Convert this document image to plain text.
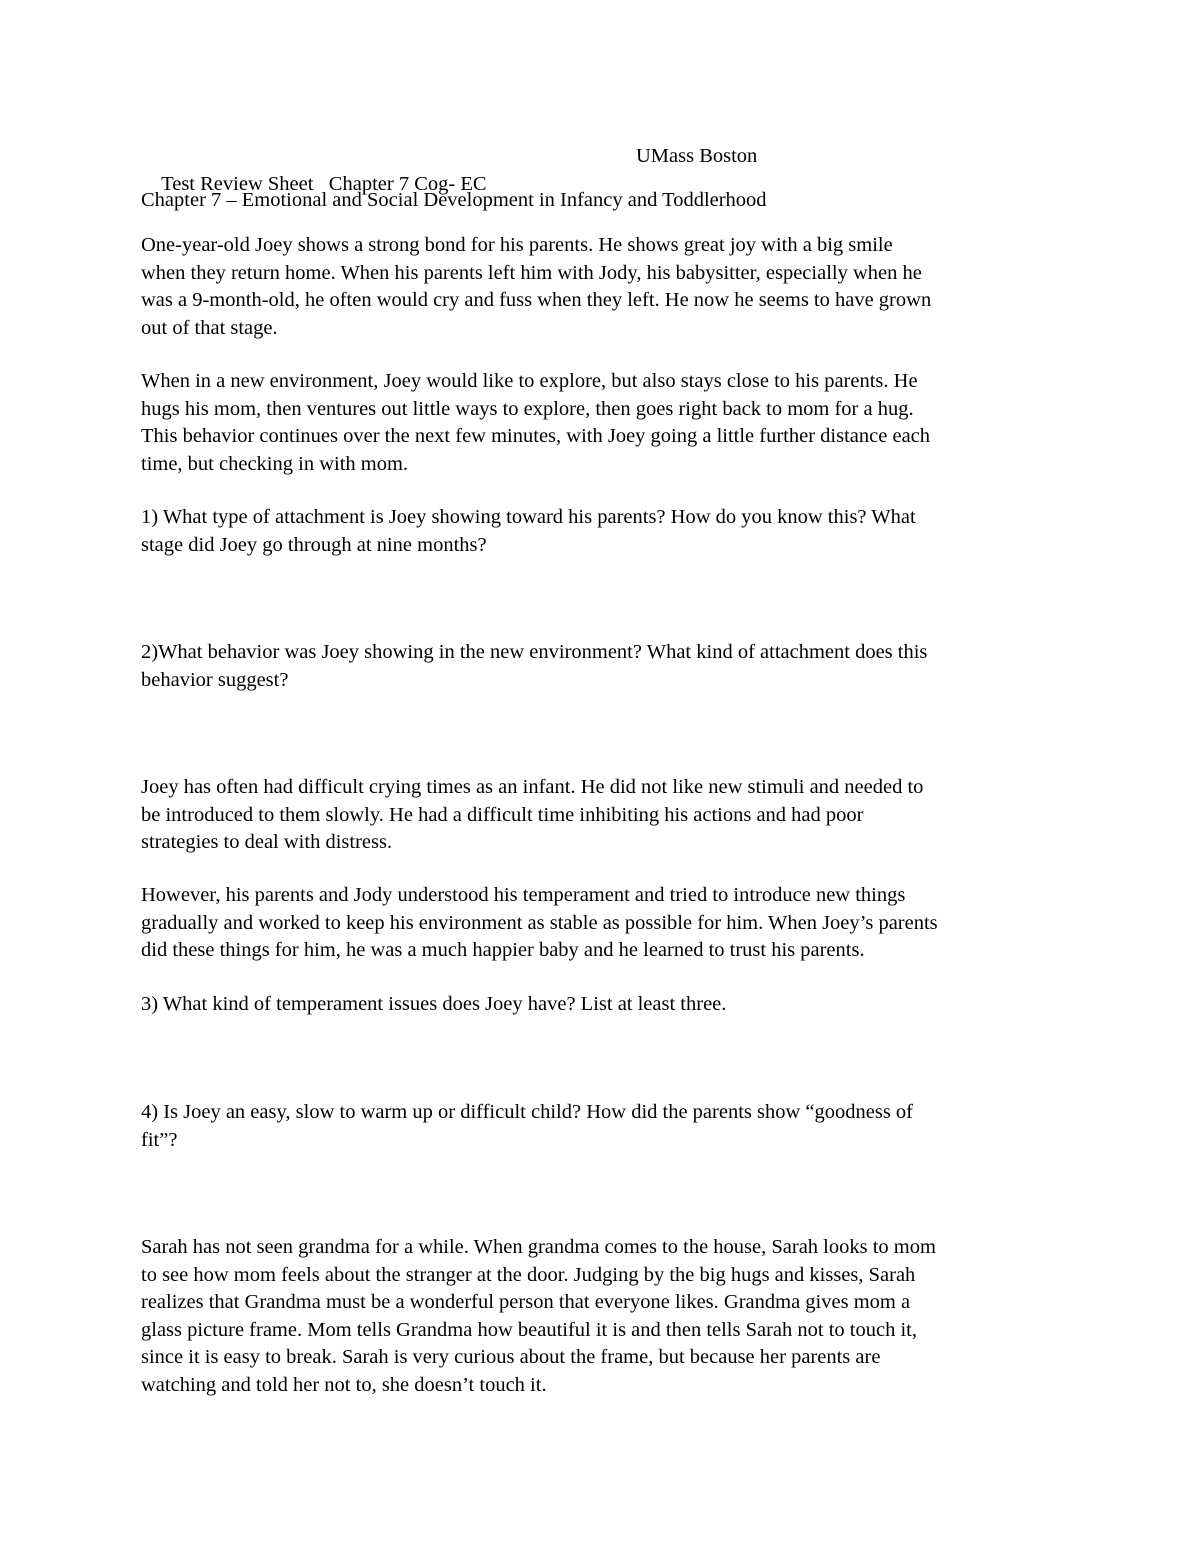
Test Review Sheet   Chapter 7 Cog- EC

UMass Boston

Chapter 7 – Emotional and Social Development in Infancy and Toddlerhood
One-year-old Joey shows a strong bond for his parents. He shows great joy with a big smile
when they return home. When his parents left him with Jody, his babysitter, especially when he
was a 9-month-old, he often would cry and fuss when they left. He now he seems to have grown
out of that stage.
When in a new environment, Joey would like to explore, but also stays close to his parents. He
hugs his mom, then ventures out little ways to explore, then goes right back to mom for a hug.
This behavior continues over the next few minutes, with Joey going a little further distance each
time, but checking in with mom.
1) What type of attachment is Joey showing toward his parents? How do you know this? What
stage did Joey go through at nine months?
2)What behavior was Joey showing in the new environment? What kind of attachment does this
behavior suggest?
Joey has often had difficult crying times as an infant. He did not like new stimuli and needed to
be introduced to them slowly. He had a difficult time inhibiting his actions and had poor
strategies to deal with distress.
However, his parents and Jody understood his temperament and tried to introduce new things
gradually and worked to keep his environment as stable as possible for him. When Joey’s parents
did these things for him, he was a much happier baby and he learned to trust his parents.
3) What kind of temperament issues does Joey have? List at least three.
4) Is Joey an easy, slow to warm up or difficult child? How did the parents show “goodness of
fit”?
Sarah has not seen grandma for a while. When grandma comes to the house, Sarah looks to mom
to see how mom feels about the stranger at the door. Judging by the big hugs and kisses, Sarah
realizes that Grandma must be a wonderful person that everyone likes. Grandma gives mom a
glass picture frame. Mom tells Grandma how beautiful it is and then tells Sarah not to touch it,
since it is easy to break. Sarah is very curious about the frame, but because her parents are
watching and told her not to, she doesn’t touch it.
